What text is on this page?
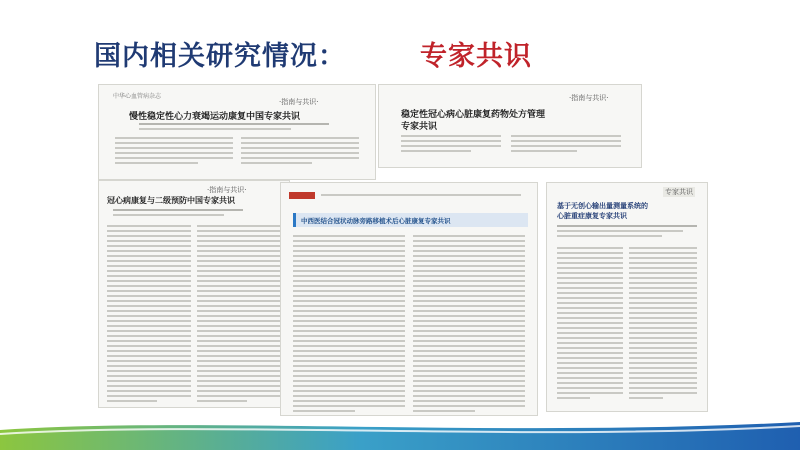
国内相关研究情况：	专家共识
中华心血管病杂志
·指南与共识·
慢性稳定性心力衰竭运动康复中国专家共识
·指南与共识·
稳定性冠心病心脏康复药物处方管理
专家共识
·指南与共识·
冠心病康复与二级预防中国专家共识
中西医结合冠状动脉旁路移植术后心脏康复专家共识
专家共识
基于无创心输出量测量系统的
心脏重症康复专家共识
